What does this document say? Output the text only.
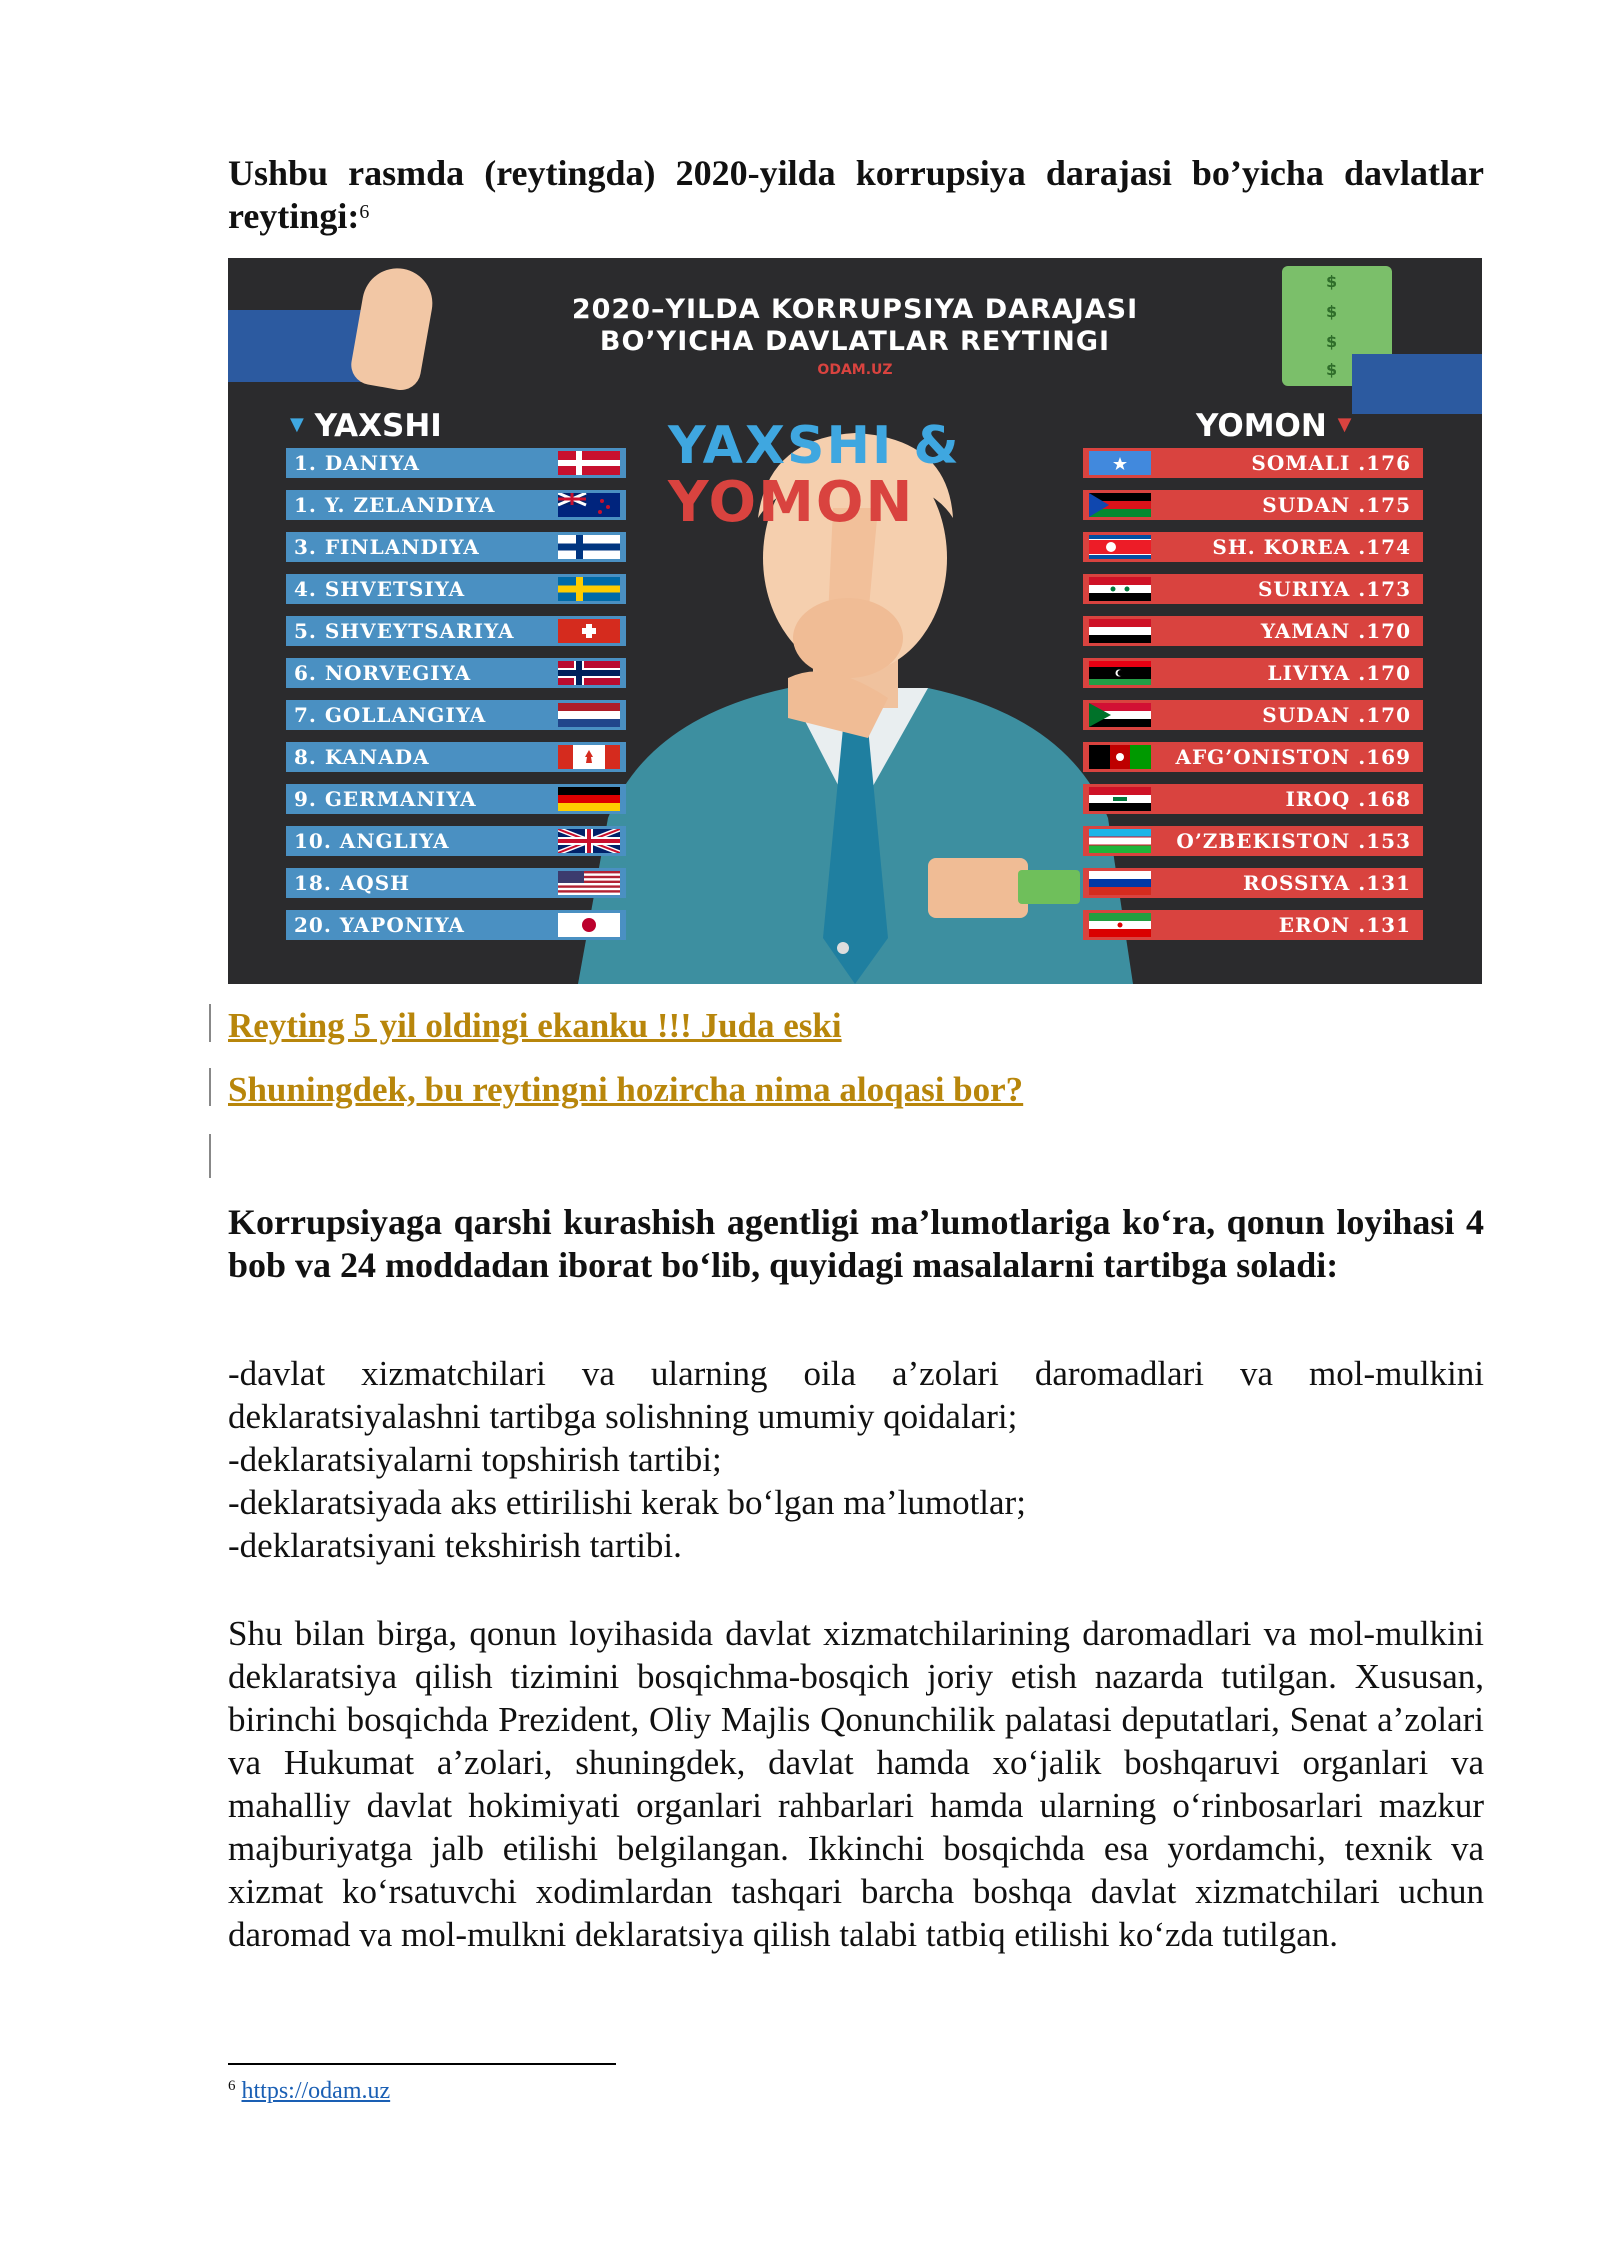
Ushbu rasmda (reytingda) 2020-yilda korrupsiya darajasi bo’yicha davlatlar reytingi:$^6$

$
$
$
$
2020–YILDA KORRUPSIYA DARAJASI
BO’YICHA DAVLATLAR REYTINGI
ODAM.UZ
YAXSHI &
YOMON
▼ YAXSHI	YOMON ▼
1. DANIYA
1. Y. ZELANDIYA
3. FINLANDIYA
4. SHVETSIYA
5. SHVEYTSARIYA
6. NORVEGIYA
7. GOLLANGIYA
8. KANADA
9. GERMANIYA
10. ANGLIYA
18. AQSH
20. YAPONIYA
SOMALI .176
SUDAN .175
SH. KOREA .174
SURIYA .173
YAMAN .170
LIVIYA .170
SUDAN .170
AFG’ONISTON .169
IROQ .168
O’ZBEKISTON .153
ROSSIYA .131
ERON .131
Reyting 5 yil oldingi ekanku !!! Juda eski
Shuningdek, bu reytingni hozircha nima aloqasi bor?

Korrupsiyaga qarshi kurashish agentligi ma’lumotlariga ko‘ra, qonun loyihasi 4 bob va 24 moddadan iborat bo‘lib, quyidagi masalalarni tartibga soladi:

-davlat xizmatchilari va ularning oila a’zolari daromadlari va mol-mulkini deklaratsiyalashni tartibga solishning umumiy qoidalari;

-deklaratsiyalarni topshirish tartibi;

-deklaratsiyada aks ettirilishi kerak bo‘lgan ma’lumotlar;

-deklaratsiyani tekshirish tartibi.

Shu bilan birga, qonun loyihasida davlat xizmatchilarining daromadlari va mol-mulkini deklaratsiya qilish tizimini bosqichma-bosqich joriy etish nazarda tutilgan. Xususan, birinchi bosqichda Prezident, Oliy Majlis Qonunchilik palatasi deputatlari, Senat a’zolari va Hukumat a’zolari, shuningdek, davlat hamda xo‘jalik boshqaruvi organlari va mahalliy davlat hokimiyati organlari rahbarlari hamda ularning o‘rinbosarlari mazkur majburiyatga jalb etilishi belgilangan. Ikkinchi bosqichda esa yordamchi, texnik va xizmat ko‘rsatuvchi xodimlardan tashqari barcha boshqa davlat xizmatchilari uchun daromad va mol-mulkni deklaratsiya qilish talabi tatbiq etilishi ko‘zda tutilgan.

$^6$ https://odam.uz
